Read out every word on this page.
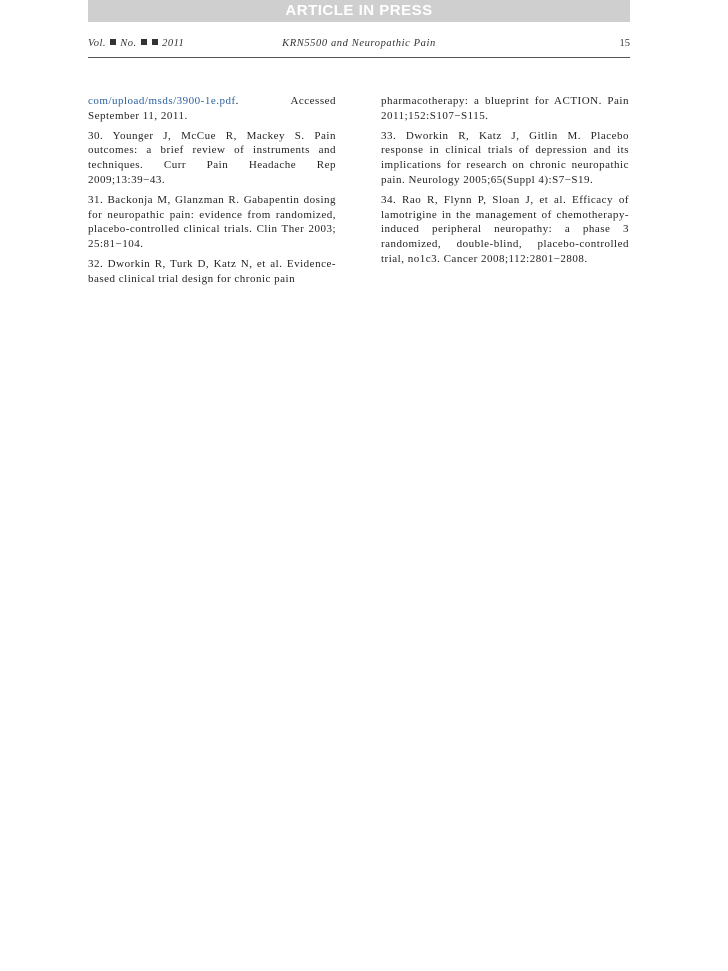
ARTICLE IN PRESS
Vol. No. 2011	KRN5500 and Neuropathic Pain	15

com/upload/msds/3900-1e.pdf. Accessed September 11, 2011.

30. Younger J, McCue R, Mackey S. Pain outcomes: a brief review of instruments and techniques. Curr Pain Headache Rep 2009;13:39−43.

31. Backonja M, Glanzman R. Gabapentin dosing for neuropathic pain: evidence from randomized, placebo-controlled clinical trials. Clin Ther 2003; 25:81−104.

32. Dworkin R, Turk D, Katz N, et al. Evidence-based clinical trial design for chronic pain

pharmacotherapy: a blueprint for ACTION. Pain 2011;152:S107−S115.

33. Dworkin R, Katz J, Gitlin M. Placebo response in clinical trials of depression and its implications for research on chronic neuropathic pain. Neurology 2005;65(Suppl 4):S7−S19.

34. Rao R, Flynn P, Sloan J, et al. Efficacy of lamotrigine in the management of chemotherapy-induced peripheral neuropathy: a phase 3 randomized, double-blind, placebo-controlled trial, no1c3. Cancer 2008;112:2801−2808.
